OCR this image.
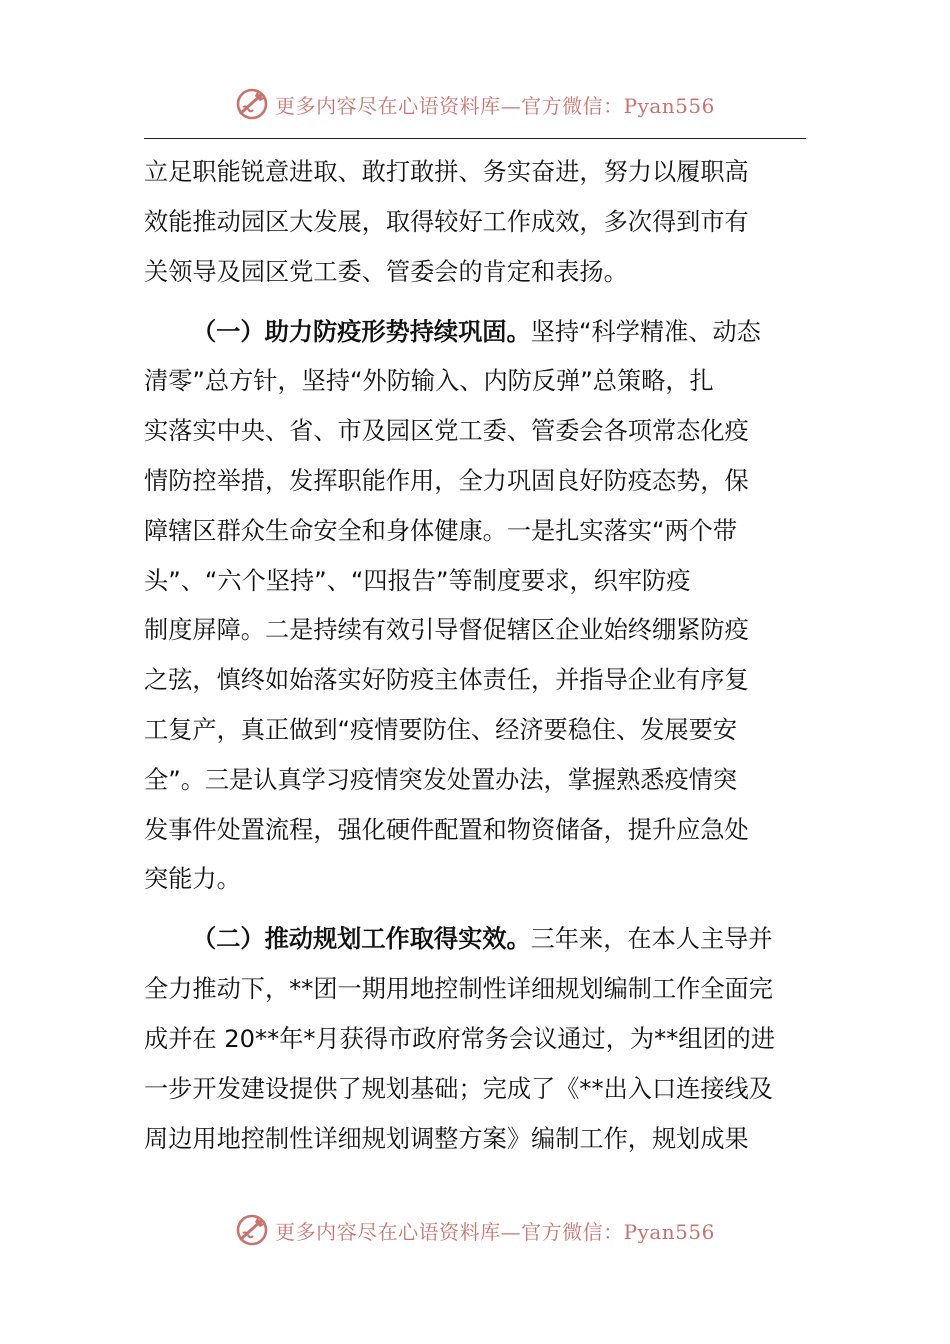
更多内容尽在心语资料库—官方微信：Pyan556
立足职能锐意进取、敢打敢拼、务实奋进，努力以履职高
效能推动园区大发展，取得较好工作成效，多次得到市有
关领导及园区党工委、管委会的肯定和表扬。
（一）助力防疫形势持续巩固。坚持“科学精准、动态
清零”总方针，坚持“外防输入、内防反弹”总策略，扎
实落实中央、省、市及园区党工委、管委会各项常态化疫
情防控举措，发挥职能作用，全力巩固良好防疫态势，保
障辖区群众生命安全和身体健康。一是扎实落实“两个带
头”、“六个坚持”、“四报告”等制度要求，织牢防疫
制度屏障。二是持续有效引导督促辖区企业始终绷紧防疫
之弦，慎终如始落实好防疫主体责任，并指导企业有序复
工复产，真正做到“疫情要防住、经济要稳住、发展要安
全”。三是认真学习疫情突发处置办法，掌握熟悉疫情突
发事件处置流程，强化硬件配置和物资储备，提升应急处
突能力。
（二）推动规划工作取得实效。三年来，在本人主导并
全力推动下，**团一期用地控制性详细规划编制工作全面完
成并在 20**年*月获得市政府常务会议通过，为**组团的进
一步开发建设提供了规划基础；完成了《**出入口连接线及
周边用地控制性详细规划调整方案》编制工作，规划成果
更多内容尽在心语资料库—官方微信：Pyan556
